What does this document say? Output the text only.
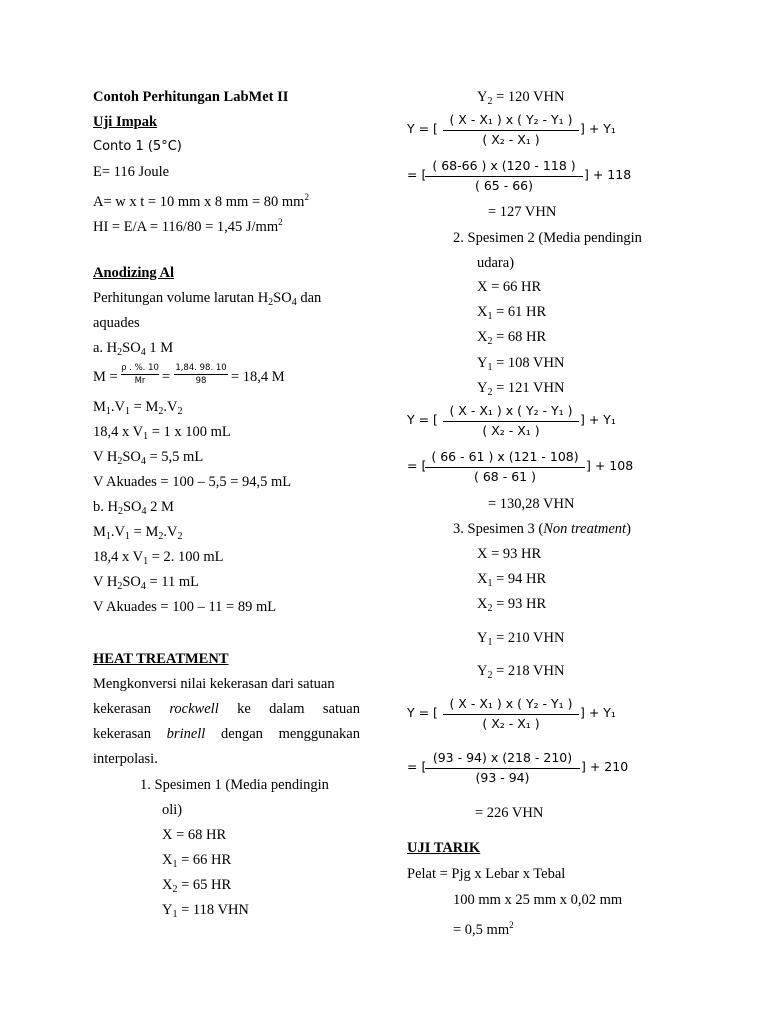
Contoh Perhitungan LabMet II
Uji Impak
Conto 1 (5°C)
E= 116 Joule
A= w x t = 10 mm x 8 mm = 80 $mm^2$
HI = E/A = 116/80 = 1,45 $J/mm^2$
Anodizing Al
Perhitungan volume larutan $H_2SO_4$ dan
aquades
a. $H_2SO_4$ 1 M
M =
ρ . %. 10
Mr	=
1,84. 98. 10
98	= 18,4 M
$M_1.V_1 = M_2.V_2$
18,4 x $V_1 = 1$ x 100 mL
V $H_2SO_4 = 5,5$ mL
V Akuades = 100 – 5,5 = 94,5 mL
b. $H_2SO_4$ 2 M
$M_1.V_1 = M_2.V_2$
18,4 x $V_1 = 2$. 100 mL
V $H_2SO_4 = 11$ mL
V Akuades = 100 – 11 = 89 mL
HEAT TREATMENT
Mengkonversi nilai kekerasan dari satuan
kekerasan rockwell ke dalam satuan
kekerasan brinell dengan menggunakan
interpolasi.
1. Spesimen 1 (Media pendingin
oli)
X = 68 HR
$X_1 = 66$ HR
$X_2 = 65$ HR
$Y_1 = 118$ VHN
$Y_2 = 120$ VHN
Y = [
( X - X₁ ) x ( Y₂ - Y₁ )
( X₂ - X₁ )
] + Y₁
= [
( 68-66 ) x (120 - 118 )
( 65 - 66)
] + 118
= 127 VHN
2. Spesimen 2 (Media pendingin
udara)
X = 66 HR
$X_1 = 61$ HR
$X_2 = 68$ HR
$Y_1 = 108$ VHN
$Y_2 = 121$ VHN
Y = [
( X - X₁ ) x ( Y₂ - Y₁ )
( X₂ - X₁ )
] + Y₁
= [
( 66 - 61 ) x (121 - 108)
( 68 - 61 )
] + 108
= 130,28 VHN
3. Spesimen 3 (Non treatment)
X = 93 HR
$X_1 = 94$ HR
$X_2 = 93$ HR
$Y_1 = 210$ VHN
$Y_2 = 218$ VHN
Y = [
( X - X₁ ) x ( Y₂ - Y₁ )
( X₂ - X₁ )
] + Y₁
= [
(93 - 94) x (218 - 210)
(93 - 94)
] + 210
= 226 VHN
UJI TARIK
Pelat = Pjg x Lebar x Tebal
100 mm x 25 mm x 0,02 mm
= 0,5 $mm^2$
